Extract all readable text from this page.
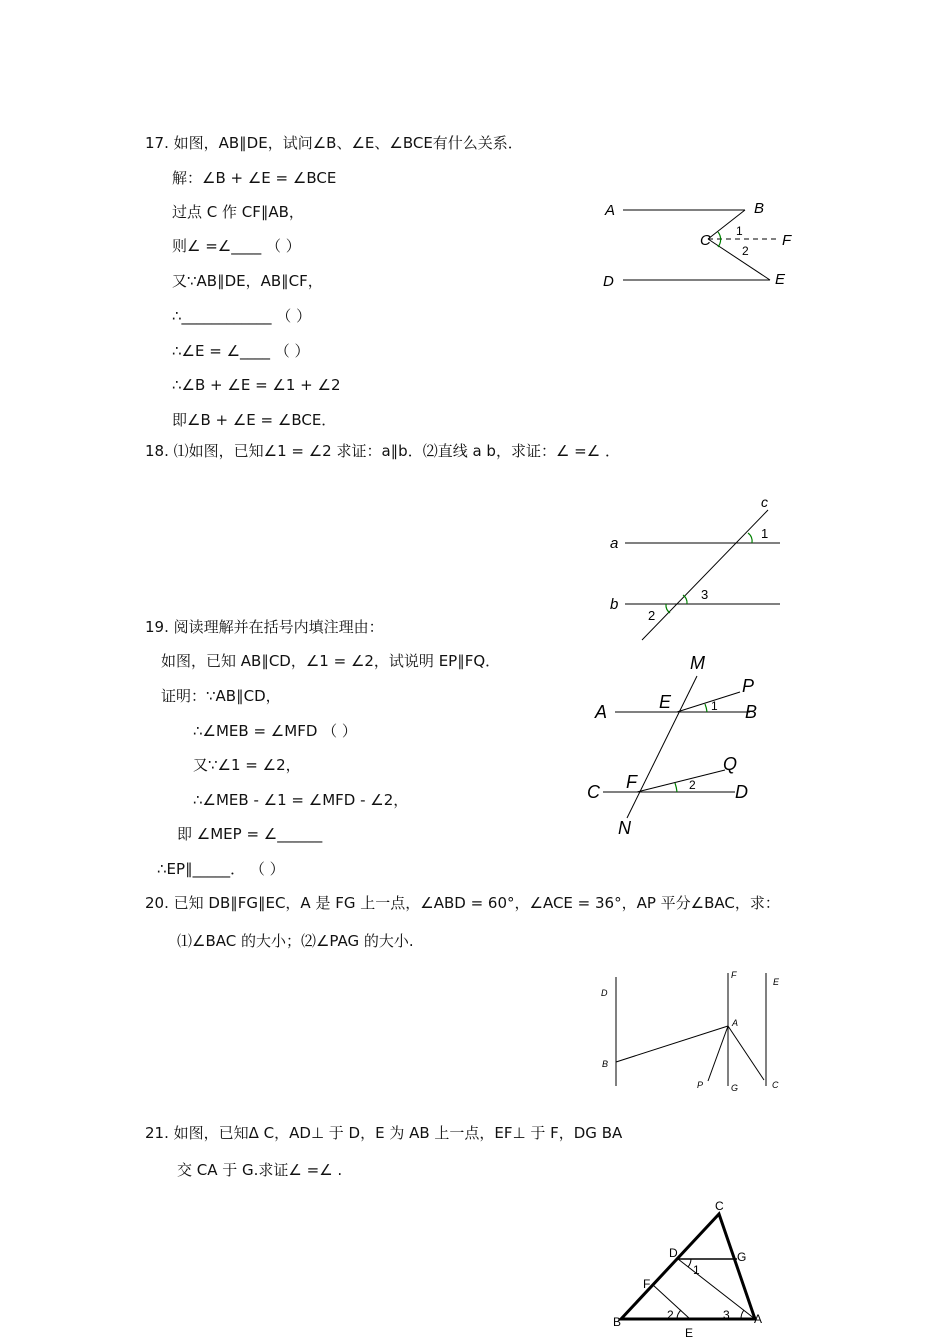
17. 如图，AB∥DE，试问∠B、∠E、∠BCE有什么关系．
解：∠B + ∠E = ∠BCE
过点 C 作 CF∥AB，
则∠ =∠____ （ ）
又∵AB∥DE，AB∥CF，
∴____________ （ ）
∴∠E = ∠____ （ ）
∴∠B + ∠E = ∠1 + ∠2
即∠B + ∠E = ∠BCE．
A	B
C	F
D	E
1
2
18. ⑴如图，已知∠1 = ∠2 求证：a∥b．⑵直线 a b，求证：∠ =∠ ．
a
b
c
1
2
3
19. 阅读理解并在括号内填注理由：
如图，已知 AB∥CD，∠1 = ∠2，试说明 EP∥FQ．
证明：∵AB∥CD，
∴∠MEB = ∠MFD （ ）
又∵∠1 = ∠2，
∴∠MEB - ∠1 = ∠MFD - ∠2，
即 ∠MEP = ∠______
∴EP∥_____． （ ）
M
P
A	E	B
1
Q
C F	2 D
N
20. 已知 DB∥FG∥EC，A 是 FG 上一点，∠ABD = 60°，∠ACE = 36°，AP 平分∠BAC，求：
⑴∠BAC 的大小；⑵∠PAG 的大小.
D
F
E
A
B
P	G	C
21. 如图，已知Δ C，AD⊥ 于 D，E 为 AB 上一点，EF⊥ 于 F，DG BA
交 CA 于 G.求证∠ =∠ .
C
D	G
1
F
B	2	3 A
E
